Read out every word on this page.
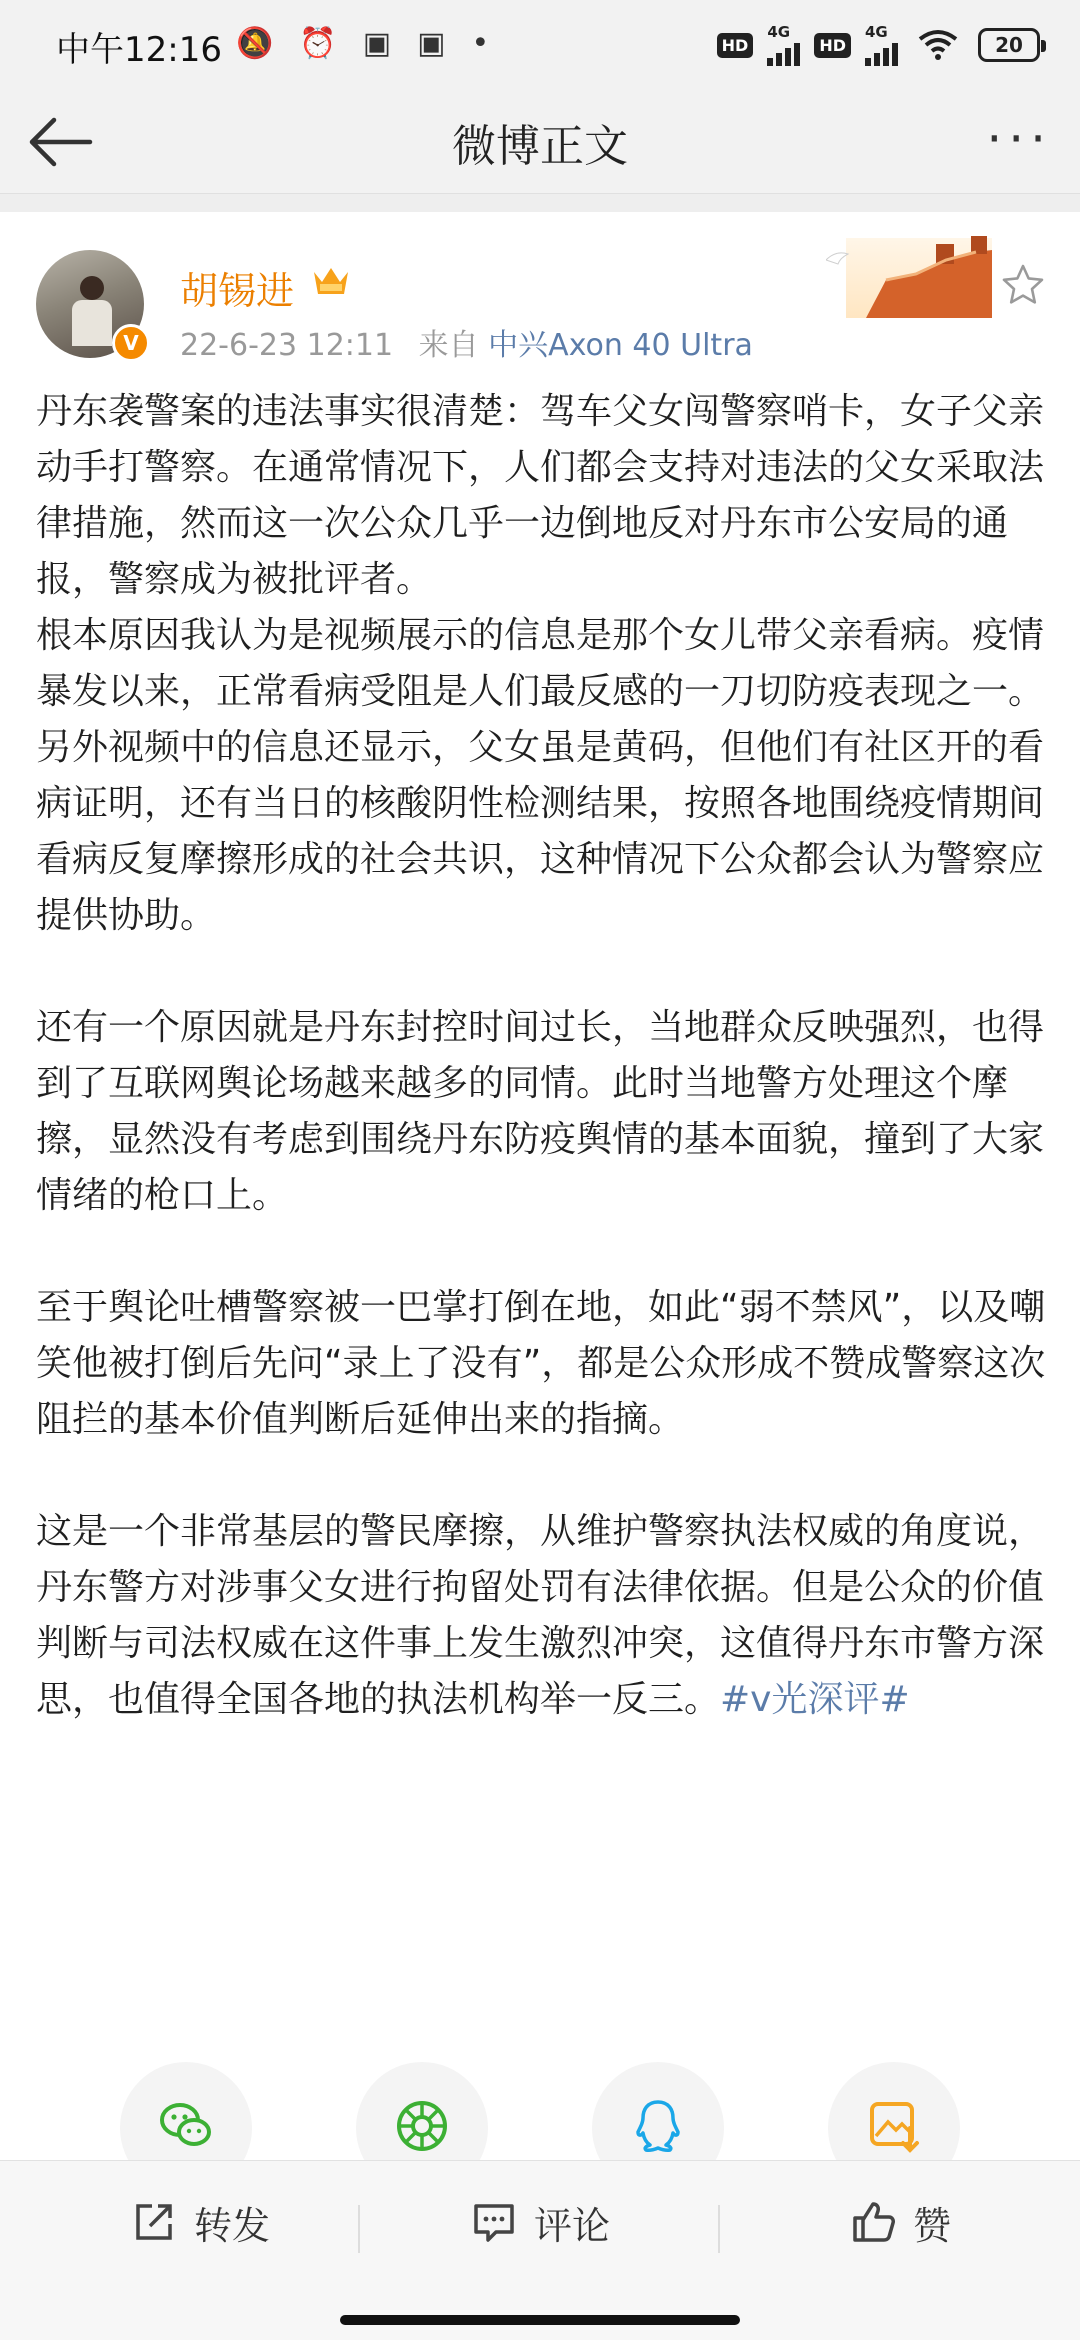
中午12:16 🔕 ⏰ ▣ ▣ •	HD
4G
HD
4G
20
微博正文	···
V
胡锡进
22-6-23 12:11 来自 中兴Axon 40 Ultra

丹东袭警案的违法事实很清楚：驾车父女闯警察哨卡，女子父亲动手打警察。在通常情况下，人们都会支持对违法的父女采取法律措施，然而这一次公众几乎一边倒地反对丹东市公安局的通报，警察成为被批评者。

根本原因我认为是视频展示的信息是那个女儿带父亲看病。疫情暴发以来，正常看病受阻是人们最反感的一刀切防疫表现之一。另外视频中的信息还显示，父女虽是黄码，但他们有社区开的看病证明，还有当日的核酸阴性检测结果，按照各地围绕疫情期间看病反复摩擦形成的社会共识，这种情况下公众都会认为警察应提供协助。

还有一个原因就是丹东封控时间过长，当地群众反映强烈，也得到了互联网舆论场越来越多的同情。此时当地警方处理这个摩擦，显然没有考虑到围绕丹东防疫舆情的基本面貌，撞到了大家情绪的枪口上。

至于舆论吐槽警察被一巴掌打倒在地，如此“弱不禁风”，以及嘲笑他被打倒后先问“录上了没有”，都是公众形成不赞成警察这次阻拦的基本价值判断后延伸出来的指摘。

这是一个非常基层的警民摩擦，从维护警察执法权威的角度说，丹东警方对涉事父女进行拘留处罚有法律依据。但是公众的价值判断与司法权威在这件事上发生激烈冲突，这值得丹东市警方深思，也值得全国各地的执法机构举一反三。#v光深评#

转发	评论	赞
